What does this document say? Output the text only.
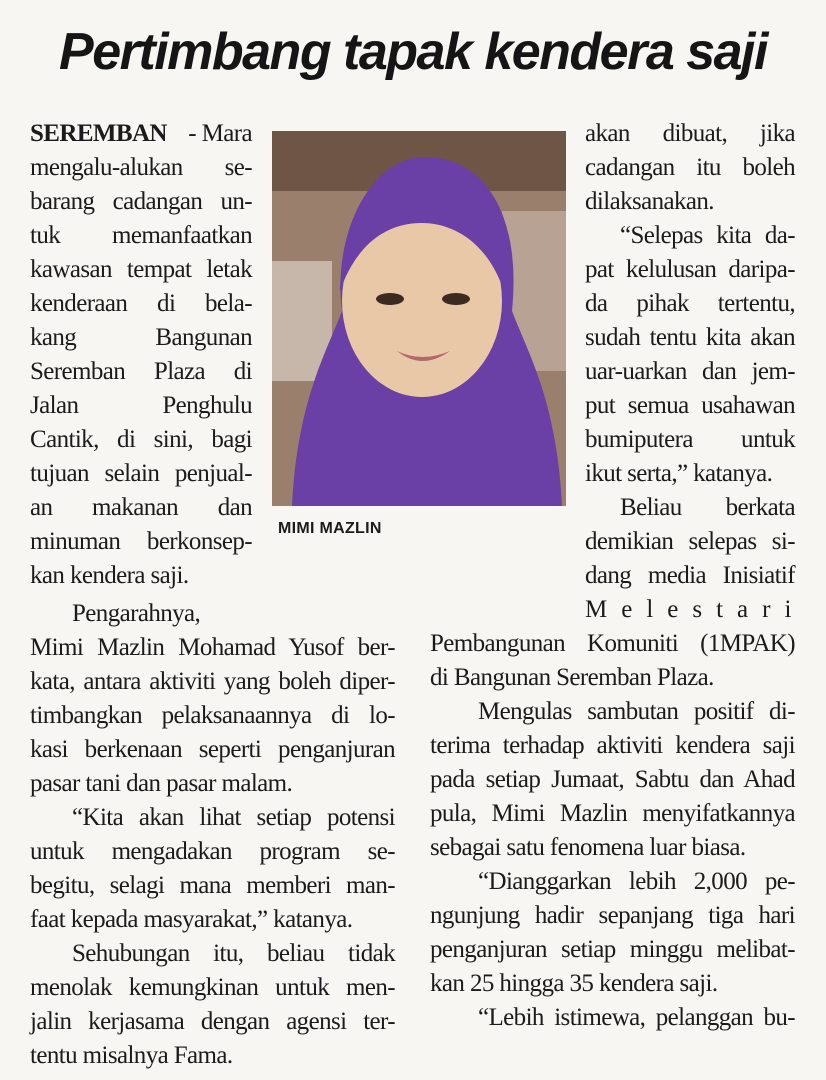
Pertimbang tapak kendera saji
MIMI MAZLIN
SEREMBAN - Mara
mengalu-alukan se-
barang cadangan un-
tuk memanfaatkan
kawasan tempat letak
kenderaan di bela-
kang Bangunan
Seremban Plaza di
Jalan Penghulu
Cantik, di sini, bagi
tujuan selain penjual-
an makanan dan
minuman berkonsep-
kan kendera saji.
Pengarahnya,
Mimi Mazlin Mohamad Yusof ber-
kata, antara aktiviti yang boleh diper-
timbangkan pelaksanaannya di lo-
kasi berkenaan seperti penganjuran
pasar tani dan pasar malam.
“Kita akan lihat setiap potensi
untuk mengadakan program se-
begitu, selagi mana memberi man-
faat kepada masyarakat,” katanya.
Sehubungan itu, beliau tidak
menolak kemungkinan untuk men-
jalin kerjasama dengan agensi ter-
tentu misalnya Fama.
akan dibuat, jika
cadangan itu boleh
dilaksanakan.
“Selepas kita da-
pat kelulusan daripa-
da pihak tertentu,
sudah tentu kita akan
uar-uarkan dan jem-
put semua usahawan
bumiputera untuk
ikut serta,” katanya.
Beliau berkata
demikian selepas si-
dang media Inisiatif
Melestari
Pembangunan Komuniti (1MPAK)
di Bangunan Seremban Plaza.
Mengulas sambutan positif di-
terima terhadap aktiviti kendera saji
pada setiap Jumaat, Sabtu dan Ahad
pula, Mimi Mazlin menyifatkannya
sebagai satu fenomena luar biasa.
“Dianggarkan lebih 2,000 pe-
ngunjung hadir sepanjang tiga hari
penganjuran setiap minggu melibat-
kan 25 hingga 35 kendera saji.
“Lebih istimewa, pelanggan bu-
